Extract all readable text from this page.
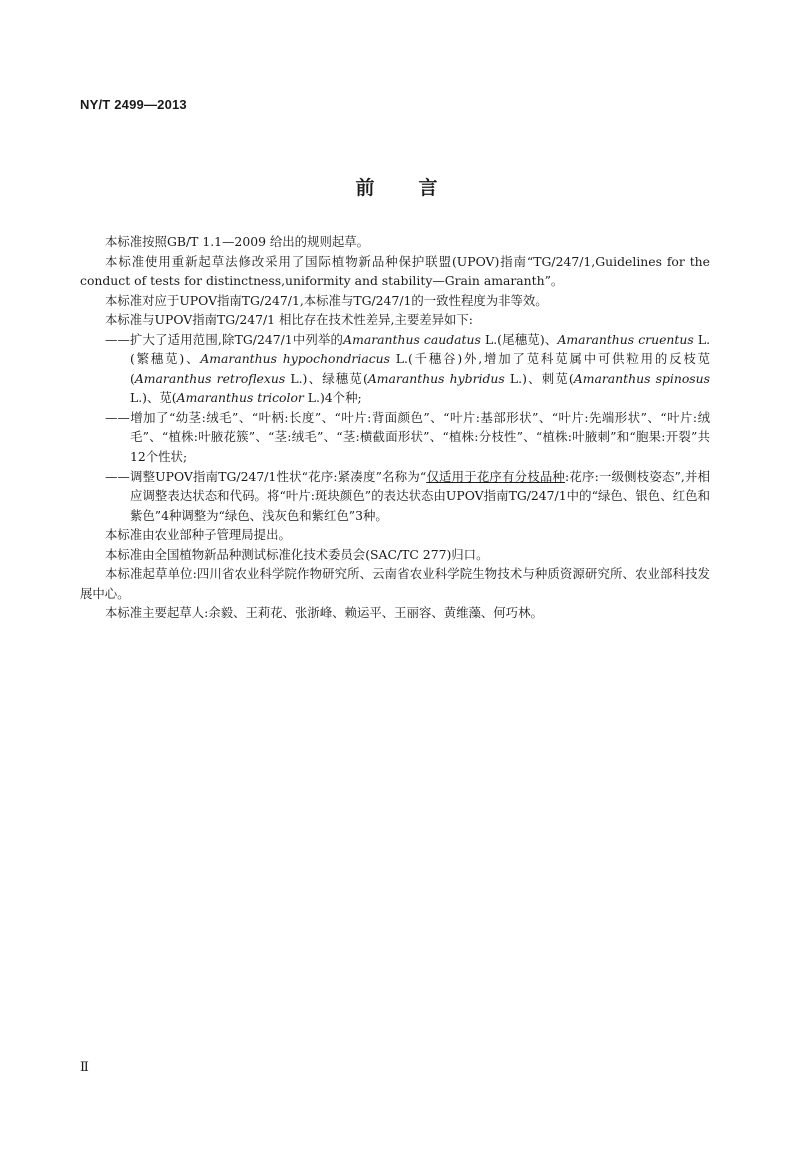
NY/T 2499—2013
前 言

本标准按照GB/T 1.1—2009 给出的规则起草。

本标准使用重新起草法修改采用了国际植物新品种保护联盟(UPOV)指南“TG/247/1,Guidelines for the conduct of tests for distinctness,uniformity and stability—Grain amaranth”。

本标准对应于UPOV指南TG/247/1,本标准与TG/247/1的一致性程度为非等效。

本标准与UPOV指南TG/247/1 相比存在技术性差异,主要差异如下:

——扩大了适用范围,除TG/247/1中列举的Amaranthus caudatus L.(尾穗苋)、Amaranthus cruentus L.(繁穗苋)、Amaranthus hypochondriacus L.(千穗谷)外,增加了苋科苋属中可供粒用的反枝苋(Amaranthus retroflexus L.)、绿穗苋(Amaranthus hybridus L.)、刺苋(Amaranthus spinosus L.)、苋(Amaranthus tricolor L.)4个种;

——增加了“幼茎:绒毛”、“叶柄:长度”、“叶片:背面颜色”、“叶片:基部形状”、“叶片:先端形状”、“叶片:绒毛”、“植株:叶腋花簇”、“茎:绒毛”、“茎:横截面形状”、“植株:分枝性”、“植株:叶腋刺”和“胞果:开裂”共12个性状;

——调整UPOV指南TG/247/1性状“花序:紧凑度”名称为“仅适用于花序有分枝品种:花序:一级侧枝姿态”,并相应调整表达状态和代码。将“叶片:斑块颜色”的表达状态由UPOV指南TG/247/1中的“绿色、银色、红色和紫色”4种调整为“绿色、浅灰色和紫红色”3种。

本标准由农业部种子管理局提出。

本标准由全国植物新品种测试标准化技术委员会(SAC/TC 277)归口。

本标准起草单位:四川省农业科学院作物研究所、云南省农业科学院生物技术与种质资源研究所、农业部科技发展中心。

本标准主要起草人:余毅、王莉花、张浙峰、赖运平、王丽容、黄维藻、何巧林。

Ⅱ
